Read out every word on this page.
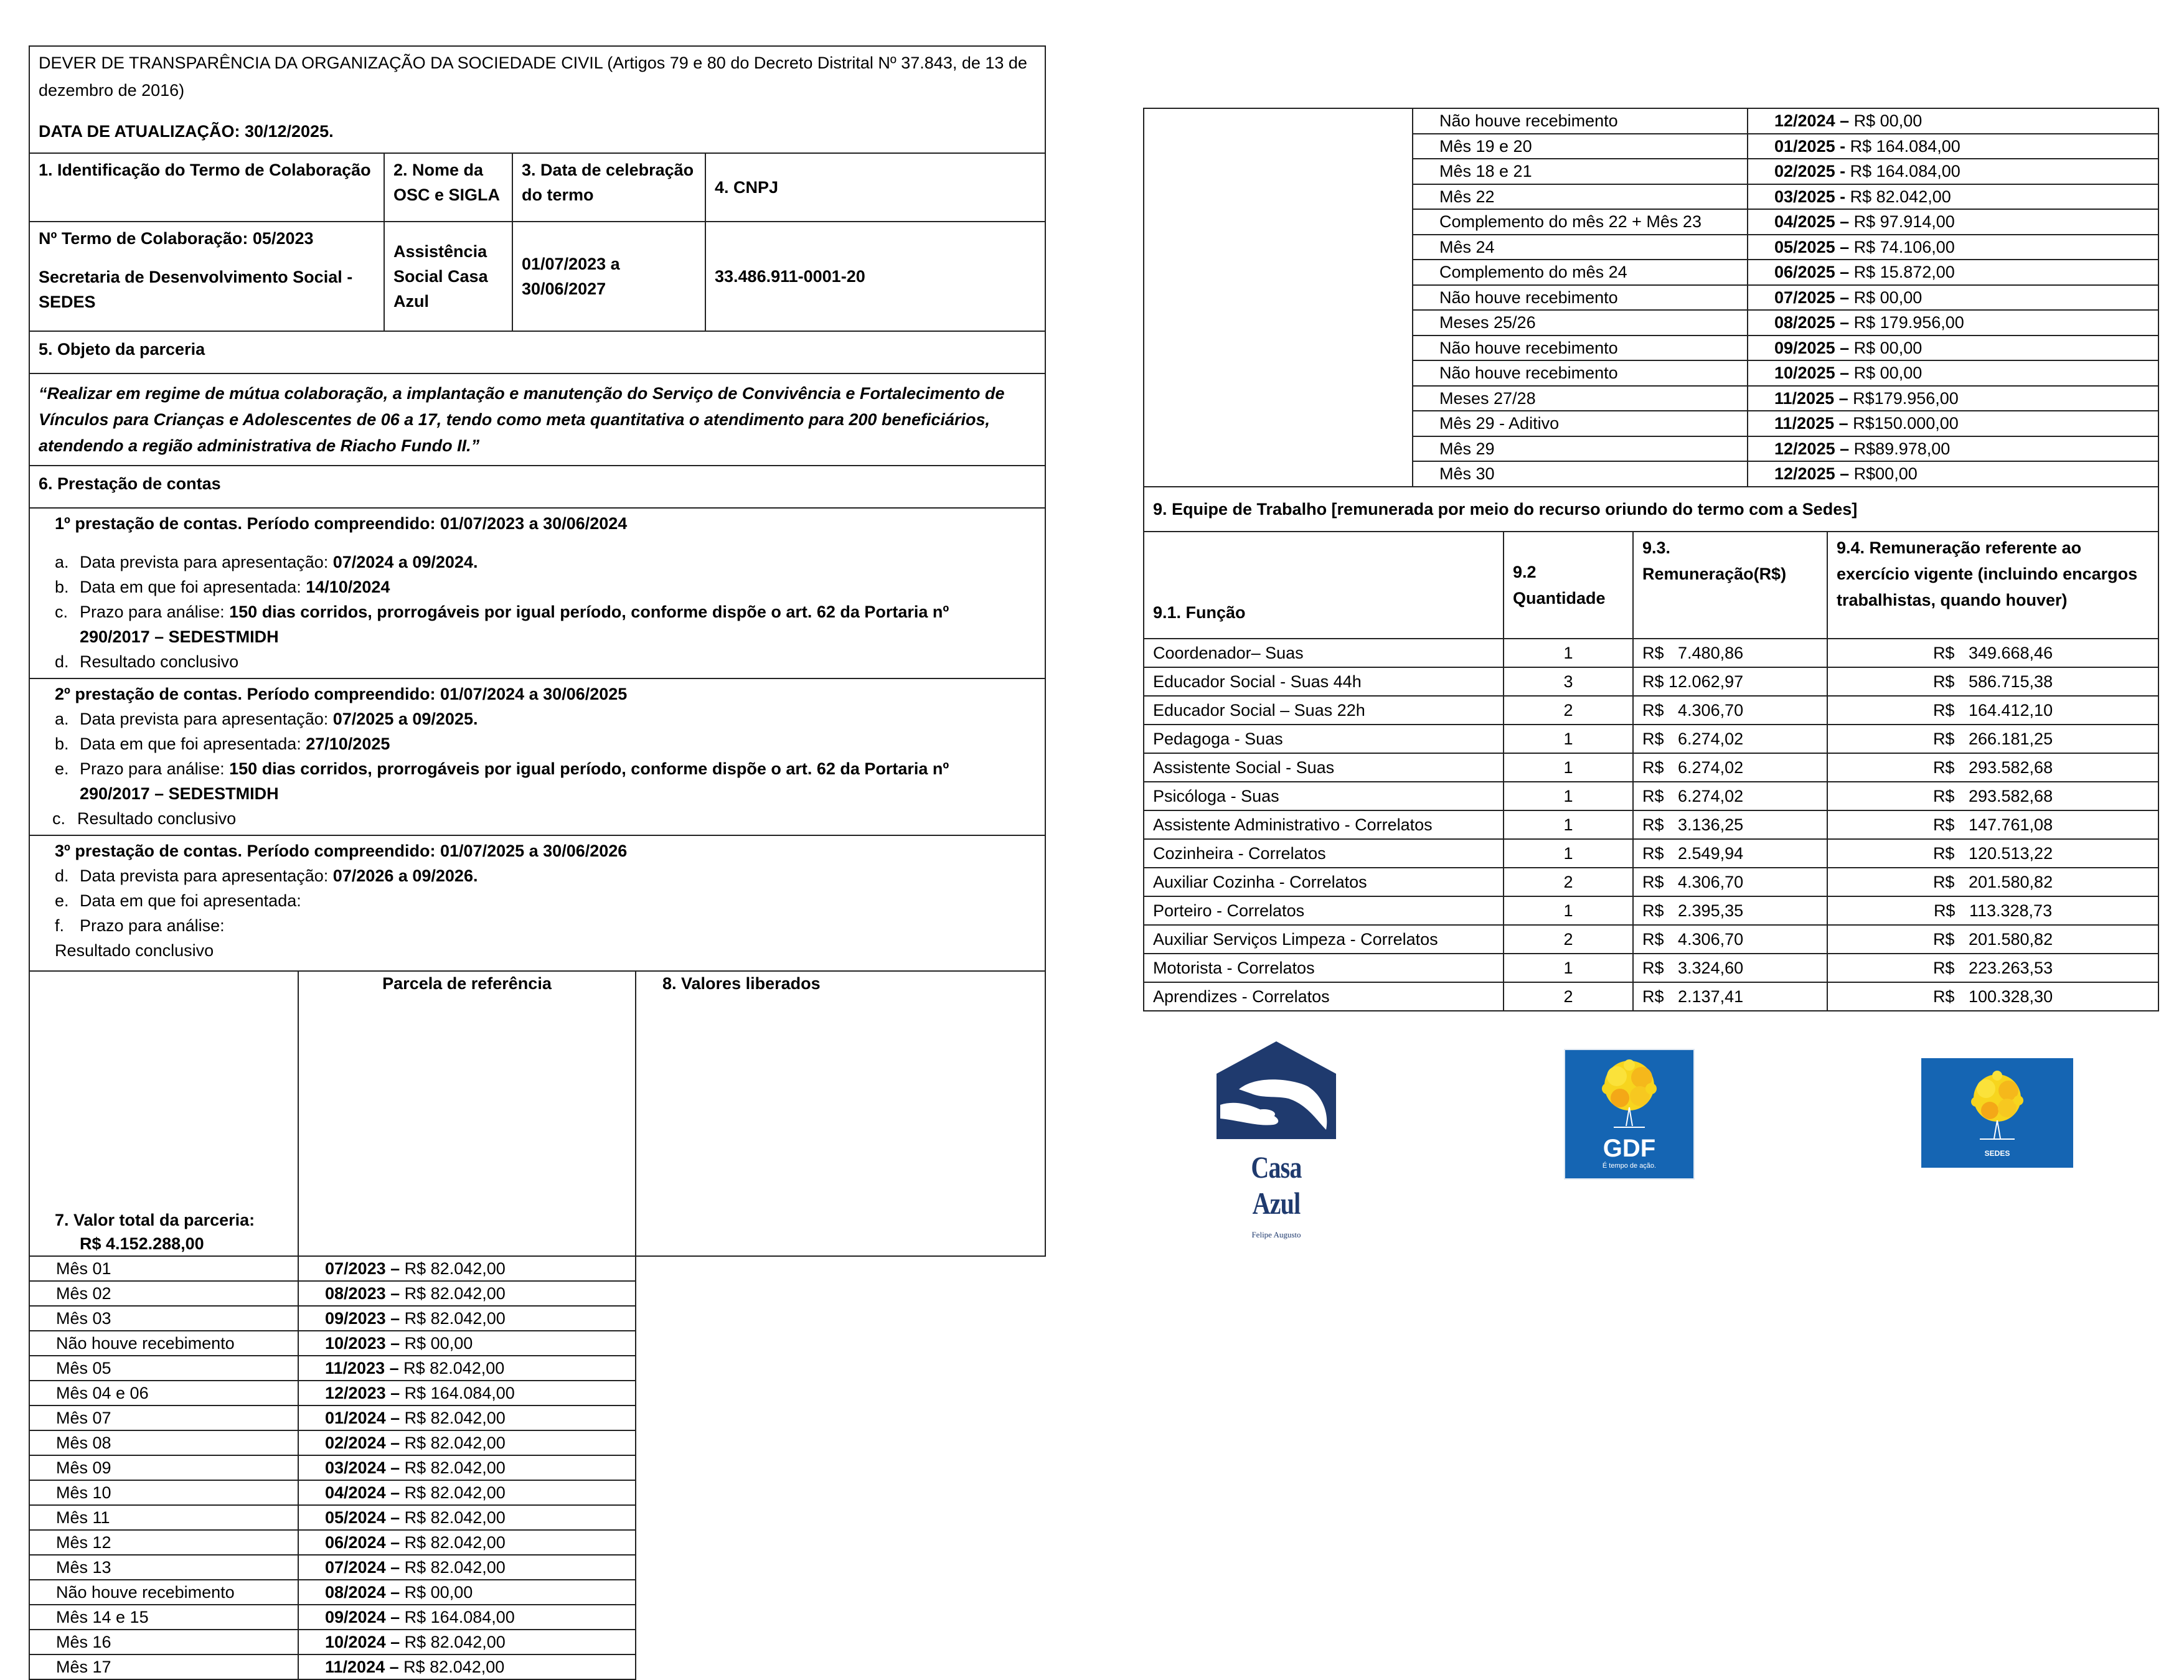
DEVER DE TRANSPARÊNCIA DA ORGANIZAÇÃO DA SOCIEDADE CIVIL (Artigos 79 e 80 do Decreto Distrital Nº 37.843, de 13 de dezembro de 2016)
DATA DE ATUALIZAÇÃO: 30/12/2025.			

1. Identificação do Termo de Colaboração	2. Nome da OSC e SIGLA	3. Data de celebração do termo	4. CNPJ

Nº Termo de Colaboração: 05/2023
Secretaria de Desenvolvimento Social - SEDES	Assistência Social Casa Azul	01/07/2023 a 30/06/2027	33.486.911-0001-20
5. Objeto da parceria			
“Realizar em regime de mútua colaboração, a implantação e manutenção do Serviço de Convivência e Fortalecimento de Vínculos para Crianças e Adolescentes de 06 a 17, tendo como meta quantitativa o atendimento para 200 beneficiários, atendendo a região administrativa de Riacho Fundo II.”			
6. Prestação de contas			

1º prestação de contas. Período compreendido: 01/07/2023 a 30/06/2024
a. Data prevista para apresentação: 07/2024 a 09/2024.
b. Data em que foi apresentada: 14/10/2024
c. Prazo para análise: 150 dias corridos, prorrogáveis por igual período, conforme dispõe o art. 62 da Portaria nº 290/2017 – SEDESTMIDH
d. Resultado conclusivo

2º prestação de contas. Período compreendido: 01/07/2024 a 30/06/2025
a. Data prevista para apresentação: 07/2025 a 09/2025.
b. Data em que foi apresentada: 27/10/2025
e. Prazo para análise: 150 dias corridos, prorrogáveis por igual período, conforme dispõe o art. 62 da Portaria nº 290/2017 – SEDESTMIDH
c. Resultado conclusivo

3º prestação de contas. Período compreendido: 01/07/2025 a 30/06/2026
d. Data prevista para apresentação: 07/2026 a 09/2026.
e. Data em que foi apresentada:
f. Prazo para análise:
Resultado conclusivo			
7. Valor total da parceria:
R$ 4.152.288,00	Parcela de referência	8. Valores liberados
Mês 01	07/2023 – R$ 82.042,00	
Mês 02	08/2023 – R$ 82.042,00	
Mês 03	09/2023 – R$ 82.042,00	
Não houve recebimento	10/2023 – R$ 00,00	
Mês 05	11/2023 – R$ 82.042,00	
Mês 04 e 06	12/2023 – R$ 164.084,00	
Mês 07	01/2024 – R$ 82.042,00	
Mês 08	02/2024 – R$ 82.042,00	
Mês 09	03/2024 – R$ 82.042,00	
Mês 10	04/2024 – R$ 82.042,00	
Mês 11	05/2024 – R$ 82.042,00	
Mês 12	06/2024 – R$ 82.042,00	
Mês 13	07/2024 – R$ 82.042,00	
Não houve recebimento	08/2024 – R$ 00,00	
Mês 14 e 15	09/2024 – R$ 164.084,00	
Mês 16	10/2024 – R$ 82.042,00	
Mês 17	11/2024 – R$ 82.042,00	
	Não houve recebimento	12/2024 – R$ 00,00
	Mês 19 e 20	01/2025 - R$ 164.084,00
	Mês 18 e 21	02/2025 - R$ 164.084,00
	Mês 22	03/2025 - R$ 82.042,00
	Complemento do mês 22 + Mês 23	04/2025 – R$ 97.914,00
	Mês 24	05/2025 – R$ 74.106,00
	Complemento do mês 24	06/2025 – R$ 15.872,00
	Não houve recebimento	07/2025 – R$ 00,00
	Meses 25/26	08/2025 – R$ 179.956,00
	Não houve recebimento	09/2025 – R$ 00,00
	Não houve recebimento	10/2025 – R$ 00,00
	Meses 27/28	11/2025 – R$179.956,00
	Mês 29 - Aditivo	11/2025 – R$150.000,00
	Mês 29	12/2025 – R$89.978,00
	Mês 30	12/2025 – R$00,00
9. Equipe de Trabalho [remunerada por meio do recurso oriundo do termo com a Sedes]			
9.1. Função	9.2 Quantidade	9.3. Remuneração(R$)	9.4. Remuneração referente ao exercício vigente (incluindo encargos trabalhistas, quando houver)
Coordenador– Suas	1	R$   7.480,86	R$   349.668,46
Educador Social - Suas 44h	3	R$ 12.062,97	R$   586.715,38
Educador Social – Suas 22h	2	R$   4.306,70	R$   164.412,10
Pedagoga - Suas	1	R$   6.274,02	R$   266.181,25
Assistente Social - Suas	1	R$   6.274,02	R$   293.582,68
Psicóloga - Suas	1	R$   6.274,02	R$   293.582,68
Assistente Administrativo - Correlatos	1	R$   3.136,25	R$   147.761,08
Cozinheira - Correlatos	1	R$   2.549,94	R$   120.513,22
Auxiliar Cozinha - Correlatos	2	R$   4.306,70	R$   201.580,82
Porteiro - Correlatos	1	R$   2.395,35	R$   113.328,73
Auxiliar Serviços Limpeza - Correlatos	2	R$   4.306,70	R$   201.580,82
Motorista - Correlatos	1	R$   3.324,60	R$   223.263,53
Aprendizes - Correlatos	2	R$   2.137,41	R$   100.328,30
Casa Azul
Felipe Augusto
GDF
É tempo de ação.
SEDES
